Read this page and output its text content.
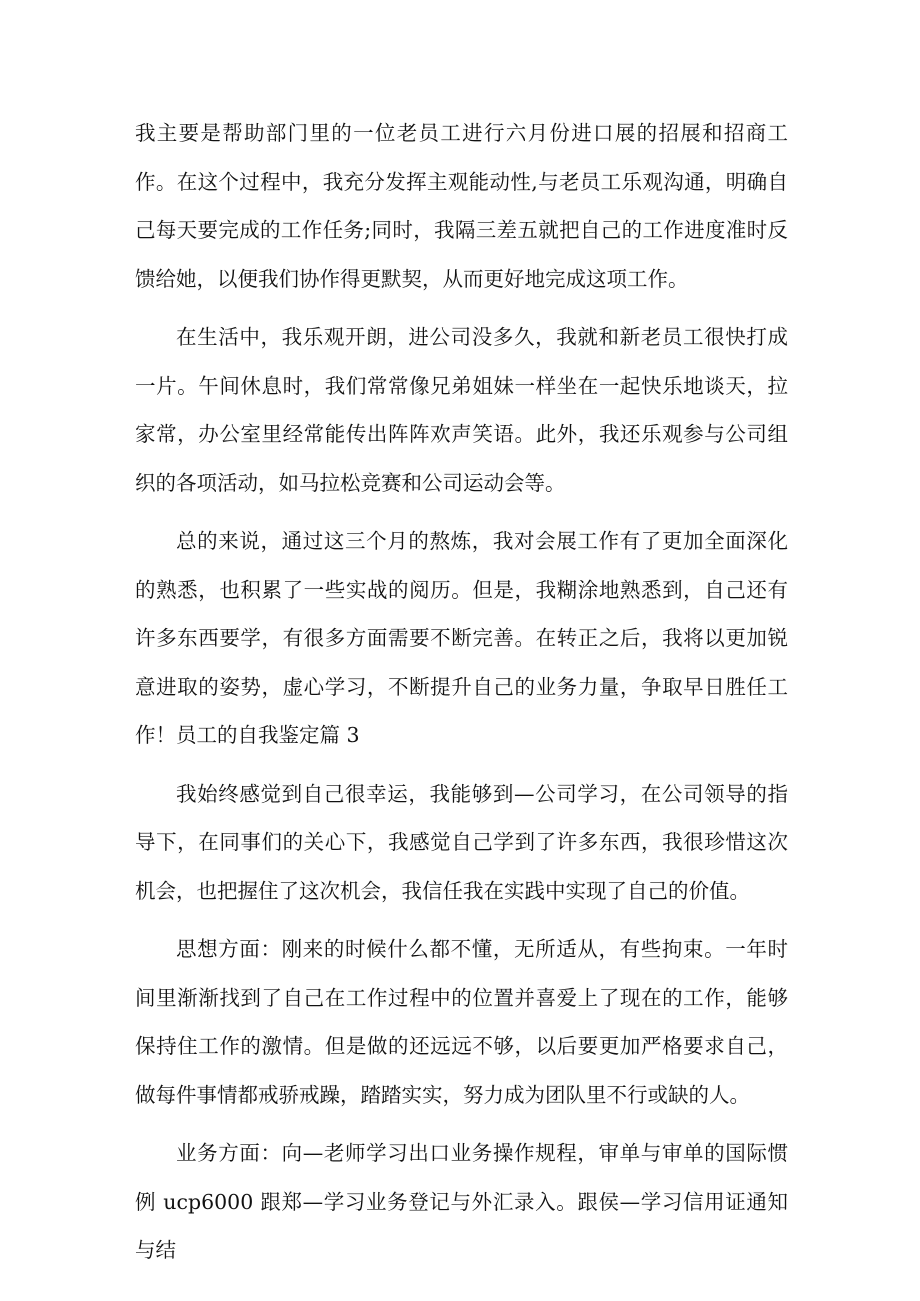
我主要是帮助部门里的一位老员工进行六月份进口展的招展和招商工作。在这个过程中，我充分发挥主观能动性,与老员工乐观沟通，明确自己每天要完成的工作任务;同时，我隔三差五就把自己的工作进度准时反馈给她，以便我们协作得更默契，从而更好地完成这项工作。

在生活中，我乐观开朗，进公司没多久，我就和新老员工很快打成一片。午间休息时，我们常常像兄弟姐妹一样坐在一起快乐地谈天，拉家常，办公室里经常能传出阵阵欢声笑语。此外，我还乐观参与公司组织的各项活动，如马拉松竞赛和公司运动会等。

总的来说，通过这三个月的熬炼，我对会展工作有了更加全面深化的熟悉，也积累了一些实战的阅历。但是，我糊涂地熟悉到，自己还有许多东西要学，有很多方面需要不断完善。在转正之后，我将以更加锐意进取的姿势，虚心学习，不断提升自己的业务力量，争取早日胜任工作！员工的自我鉴定篇 3

我始终感觉到自己很幸运，我能够到—公司学习，在公司领导的指导下，在同事们的关心下，我感觉自己学到了许多东西，我很珍惜这次机会，也把握住了这次机会，我信任我在实践中实现了自己的价值。

思想方面：刚来的时候什么都不懂，无所适从，有些拘束。一年时间里渐渐找到了自己在工作过程中的位置并喜爱上了现在的工作，能够保持住工作的激情。但是做的还远远不够，以后要更加严格要求自己，做每件事情都戒骄戒躁，踏踏实实，努力成为团队里不行或缺的人。

业务方面：向—老师学习出口业务操作规程，审单与审单的国际惯例 ucp6000 跟郑—学习业务登记与外汇录入。跟侯—学习信用证通知与结
